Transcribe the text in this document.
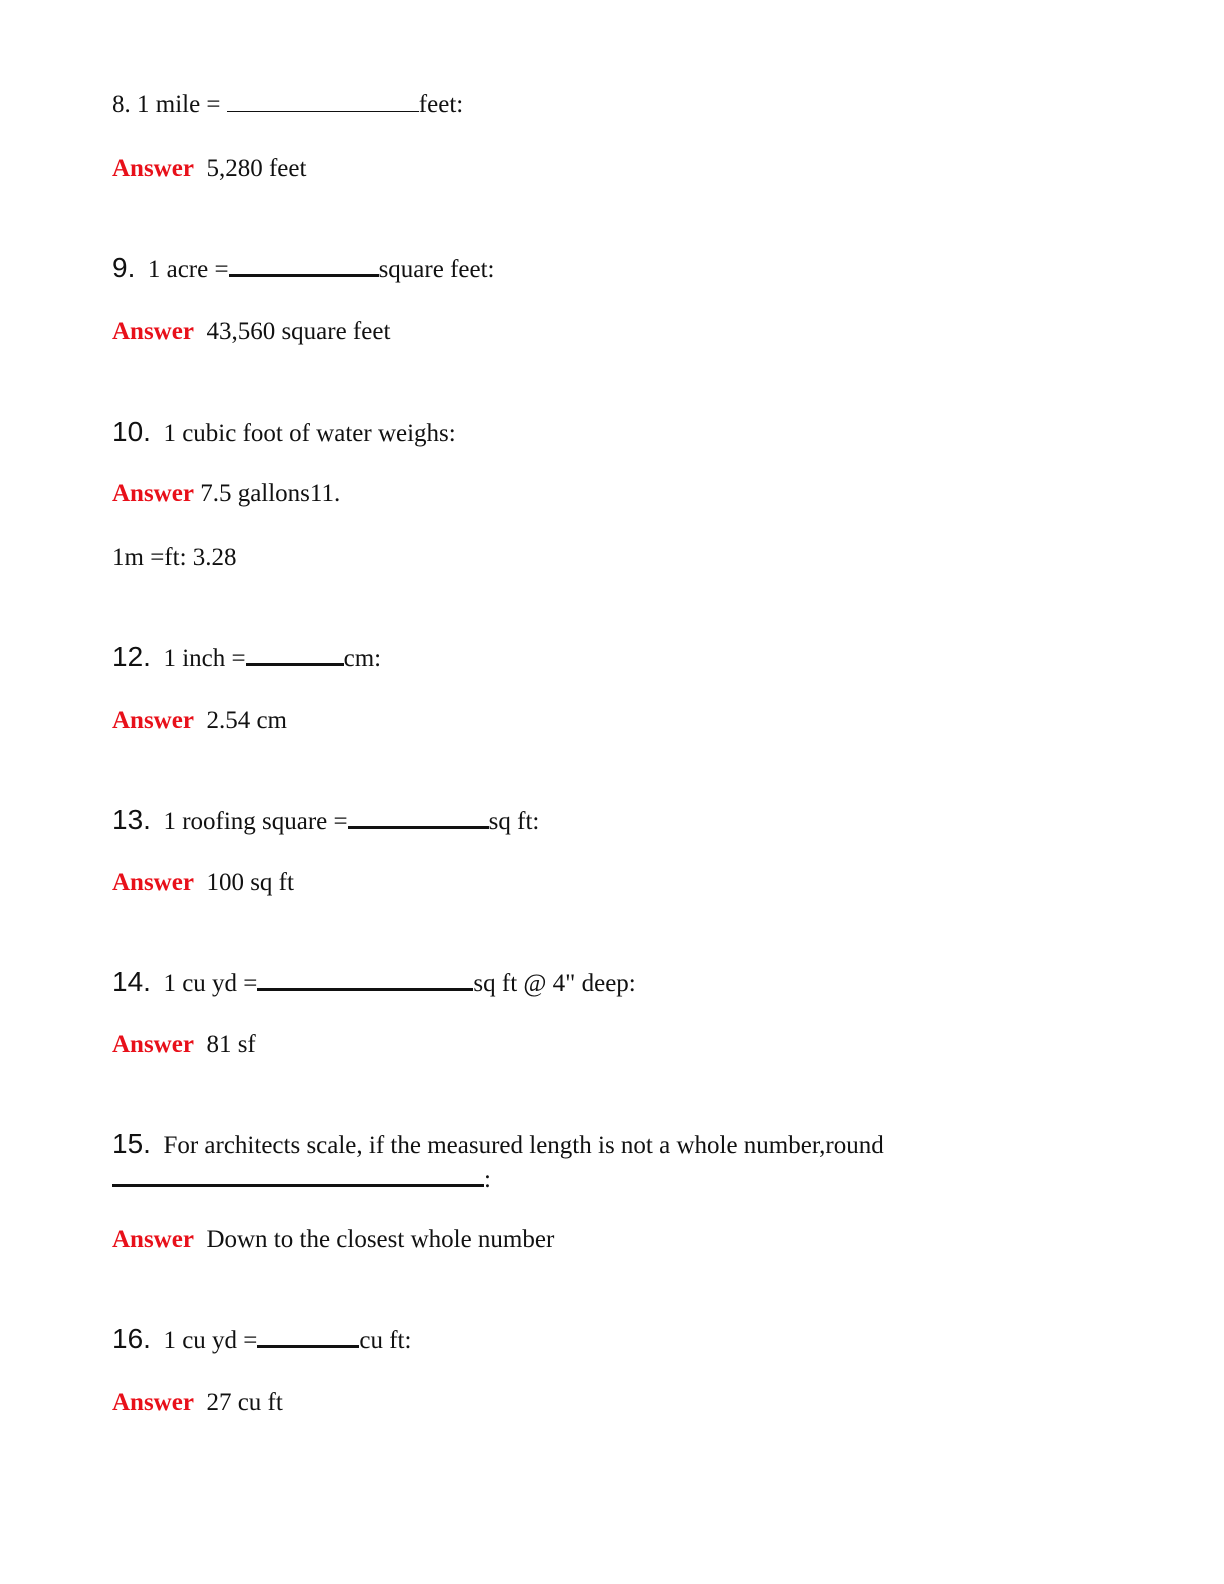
8. 1 mile =	feet:
Answer 5,280 feet
9. 1 acre =	square feet:
Answer 43,560 square feet
10. 1 cubic foot of water weighs:
Answer 7.5 gallons11.
1m =ft: 3.28
12. 1 inch =	cm:
Answer 2.54 cm
13. 1 roofing square =	sq ft:
Answer 100 sq ft
14. 1 cu yd =	sq ft @ 4" deep:
Answer 81 sf
15. For architects scale, if the measured length is not a whole number,round
:
Answer Down to the closest whole number
16. 1 cu yd =	cu ft:
Answer 27 cu ft
